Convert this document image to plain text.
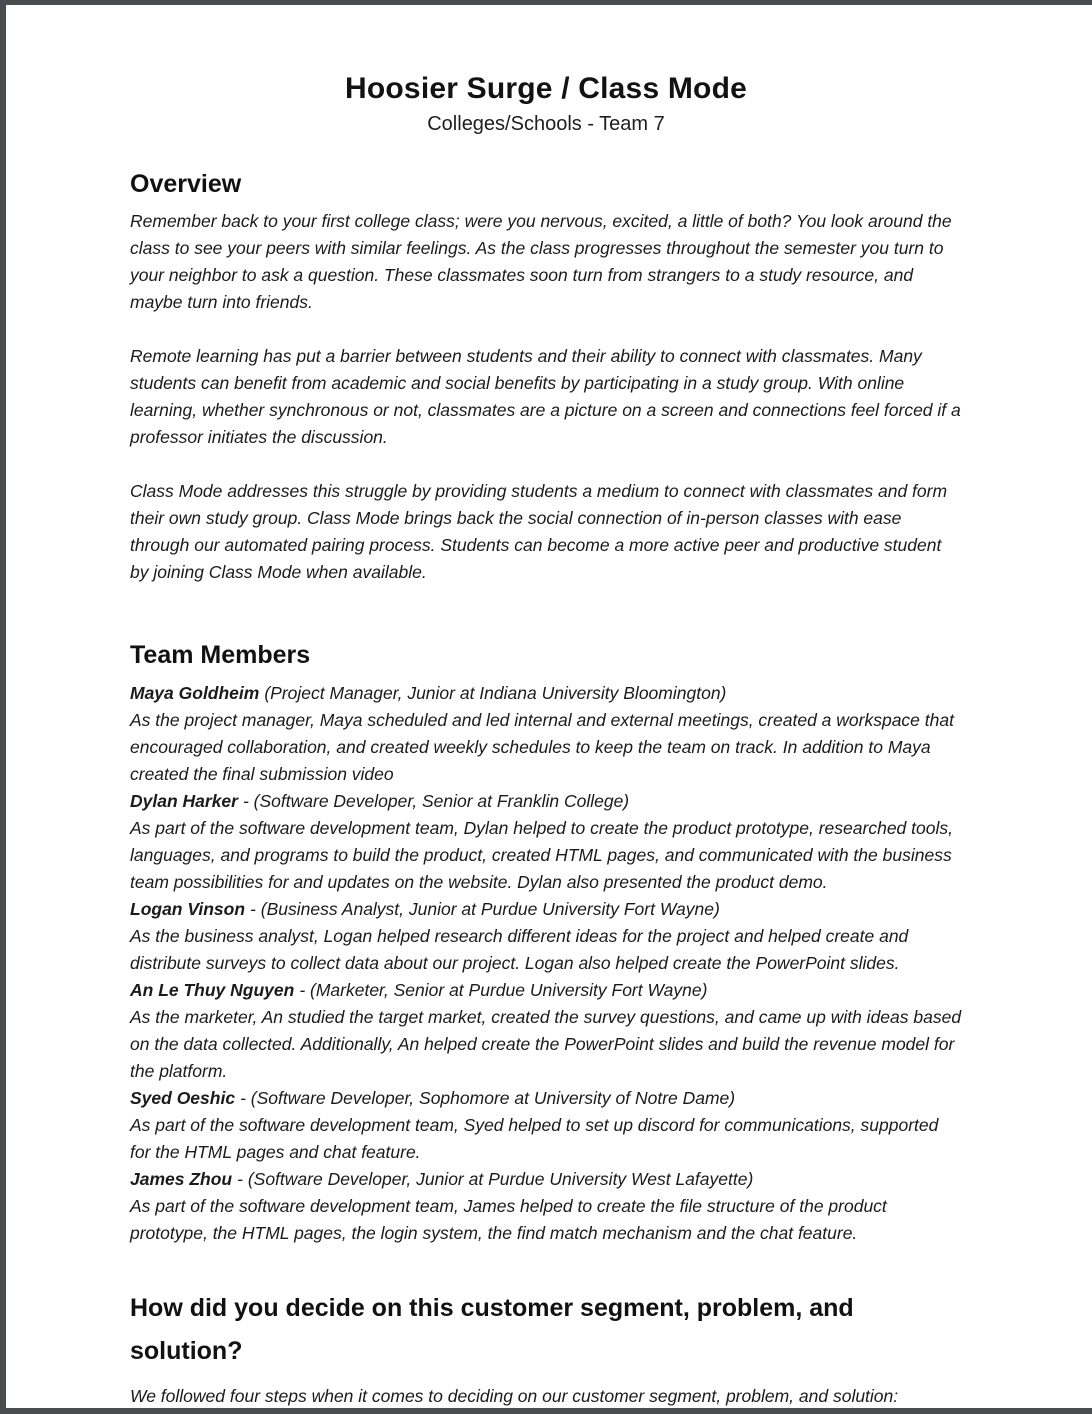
Hoosier Surge / Class Mode
Colleges/Schools - Team 7
Overview

Remember back to your first college class; were you nervous, excited, a little of both? You look around the class to see your peers with similar feelings. As the class progresses throughout the semester you turn to your neighbor to ask a question. These classmates soon turn from strangers to a study resource, and maybe turn into friends.

Remote learning has put a barrier between students and their ability to connect with classmates. Many students can benefit from academic and social benefits by participating in a study group. With online learning, whether synchronous or not, classmates are a picture on a screen and connections feel forced if a professor initiates the discussion.

Class Mode addresses this struggle by providing students a medium to connect with classmates and form their own study group. Class Mode brings back the social connection of in-person classes with ease through our automated pairing process. Students can become a more active peer and productive student by joining Class Mode when available.

Team Members

Maya Goldheim (Project Manager, Junior at Indiana University Bloomington)

As the project manager, Maya scheduled and led internal and external meetings, created a workspace that encouraged collaboration, and created weekly schedules to keep the team on track. In addition to Maya created the final submission video

Dylan Harker - (Software Developer, Senior at Franklin College)

As part of the software development team, Dylan helped to create the product prototype, researched tools, languages, and programs to build the product, created HTML pages, and communicated with the business team possibilities for and updates on the website. Dylan also presented the product demo.

Logan Vinson - (Business Analyst, Junior at Purdue University Fort Wayne)

As the business analyst, Logan helped research different ideas for the project and helped create and distribute surveys to collect data about our project. Logan also helped create the PowerPoint slides.

An Le Thuy Nguyen - (Marketer, Senior at Purdue University Fort Wayne)

As the marketer, An studied the target market, created the survey questions, and came up with ideas based on the data collected. Additionally, An helped create the PowerPoint slides and build the revenue model for the platform.

Syed Oeshic - (Software Developer, Sophomore at University of Notre Dame)

As part of the software development team, Syed helped to set up discord for communications, supported for the HTML pages and chat feature.

James Zhou - (Software Developer, Junior at Purdue University West Lafayette)

As part of the software development team, James helped to create the file structure of the product prototype, the HTML pages, the login system, the find match mechanism and the chat feature.

How did you decide on this customer segment, problem, and solution?

We followed four steps when it comes to deciding on our customer segment, problem, and solution:
